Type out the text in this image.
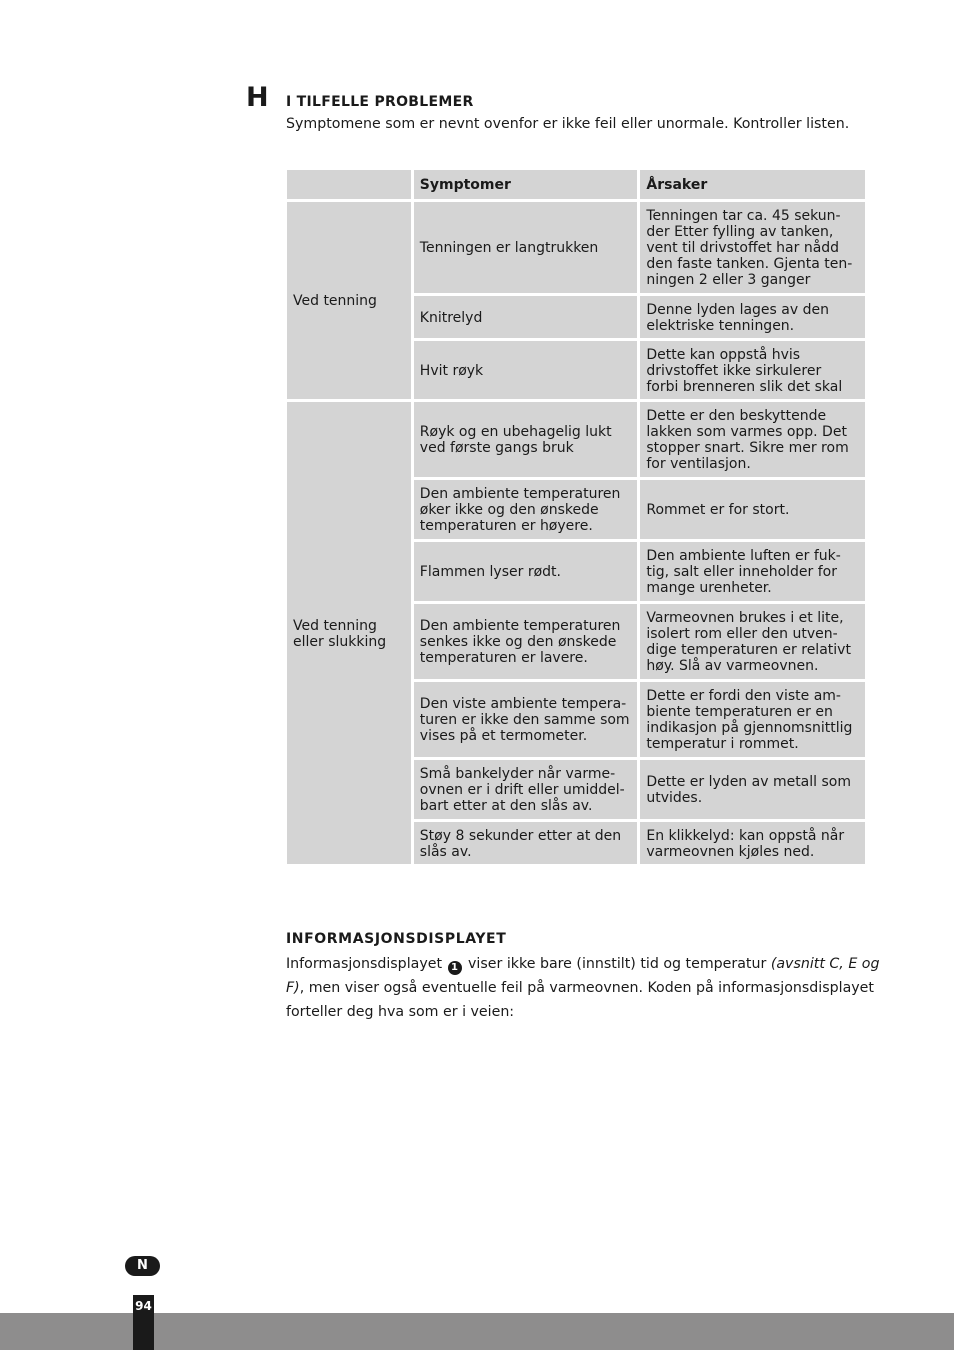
H I TILFELLE PROBLEMER
Symptomene som er nevnt ovenfor er ikke feil eller unormale. Kontroller listen.
	Symptomer	Årsaker
Ved tenning	Tenningen er langtrukken	Tenningen tar ca. 45 sekun-
der Etter fylling av tanken,
vent til drivstoffet har nådd
den faste tanken. Gjenta ten-
ningen 2 eller 3 ganger
	Knitrelyd	Denne lyden lages av den
elektriske tenningen.
	Hvit røyk	Dette kan oppstå hvis
drivstoffet ikke sirkulerer
forbi brenneren slik det skal
Ved tenning
eller slukking	Røyk og en ubehagelig lukt
ved første gangs bruk	Dette er den beskyttende
lakken som varmes opp. Det
stopper snart. Sikre mer rom
for ventilasjon.
	Den ambiente temperaturen
øker ikke og den ønskede
temperaturen er høyere.	Rommet er for stort.
	Flammen lyser rødt.	Den ambiente luften er fuk-
tig, salt eller inneholder for
mange urenheter.
	Den ambiente temperaturen
senkes ikke og den ønskede
temperaturen er lavere.	Varmeovnen brukes i et lite,
isolert rom eller den utven-
dige temperaturen er relativt
høy. Slå av varmeovnen.
	Den viste ambiente tempera-
turen er ikke den samme som
vises på et termometer.	Dette er fordi den viste am-
biente temperaturen er en
indikasjon på gjennomsnittlig
temperatur i rommet.
	Små bankelyder når varme-
ovnen er i drift eller umiddel-
bart etter at den slås av.	Dette er lyden av metall som
utvides.
	Støy 8 sekunder etter at den
slås av.	En klikkelyd: kan oppstå når
varmeovnen kjøles ned.
INFORMASJONSDISPLAYET
Informasjonsdisplayet 1 viser ikke bare (innstilt) tid og temperatur (avsnitt C, E og F), men viser også eventuelle feil på varmeovnen. Koden på informasjonsdisplayet forteller deg hva som er i veien:
N
94
